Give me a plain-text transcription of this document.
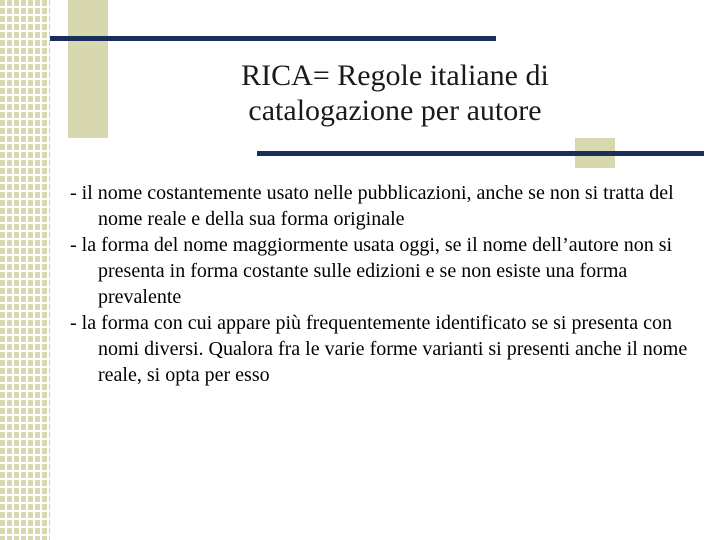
RICA= Regole italiane di
catalogazione per autore
- il nome costantemente usato nelle pubblicazioni, anche se non si tratta del nome reale e della sua forma originale
- la forma del nome maggiormente usata oggi, se il nome dell’autore non si presenta in forma costante sulle edizioni e se non esiste una forma prevalente
- la forma con cui appare più frequentemente identificato se si presenta con nomi diversi. Qualora fra le varie forme varianti si presenti anche il nome reale, si opta per esso
